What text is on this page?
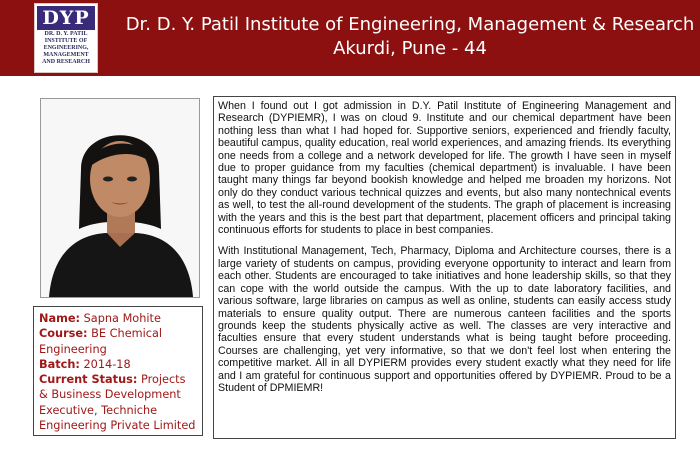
DYP
DR. D. Y. PATIL INSTITUTE OF ENGINEERING, MANAGEMENT AND RESEARCH
Dr. D. Y. Patil Institute of Engineering, Management & Research
Akurdi, Pune - 44
Name: Sapna Mohite
Course: BE Chemical Engineering
Batch: 2014-18
Current Status: Projects & Business Development Executive, Techniche Engineering Private Limited

When I found out I got admission in D.Y. Patil Institute of Engineering Management and Research (DYPIEMR), I was on cloud 9. Institute and our chemical department have been nothing less than what I had hoped for. Supportive seniors, experienced and friendly faculty, beautiful campus, quality education, real world experiences, and amazing friends. Its everything one needs from a college and a network developed for life. The growth I have seen in myself due to proper guidance from my faculties (chemical department) is invaluable. I have been taught many things far beyond bookish knowledge and helped me broaden my horizons. Not only do they conduct various technical quizzes and events, but also many nontechnical events as well, to test the all-round development of the students. The graph of placement is increasing with the years and this is the best part that department, placement officers and principal taking continuous efforts for students to place in best companies.

With Institutional Management, Tech, Pharmacy, Diploma and Architecture courses, there is a large variety of students on campus, providing everyone opportunity to interact and learn from each other. Students are encouraged to take initiatives and hone leadership skills, so that they can cope with the world outside the campus. With the up to date laboratory facilities, and various software, large libraries on campus as well as online, students can easily access study materials to ensure quality output. There are numerous canteen facilities and the sports grounds keep the students physically active as well. The classes are very interactive and faculties ensure that every student understands what is being taught before proceeding. Courses are challenging, yet very informative, so that we don't feel lost when entering the competitive market. All in all DYPIERM provides every student exactly what they need for life and I am grateful for continuous support and opportunities offered by DYPIEMR. Proud to be a Student of DPMIEMR!
